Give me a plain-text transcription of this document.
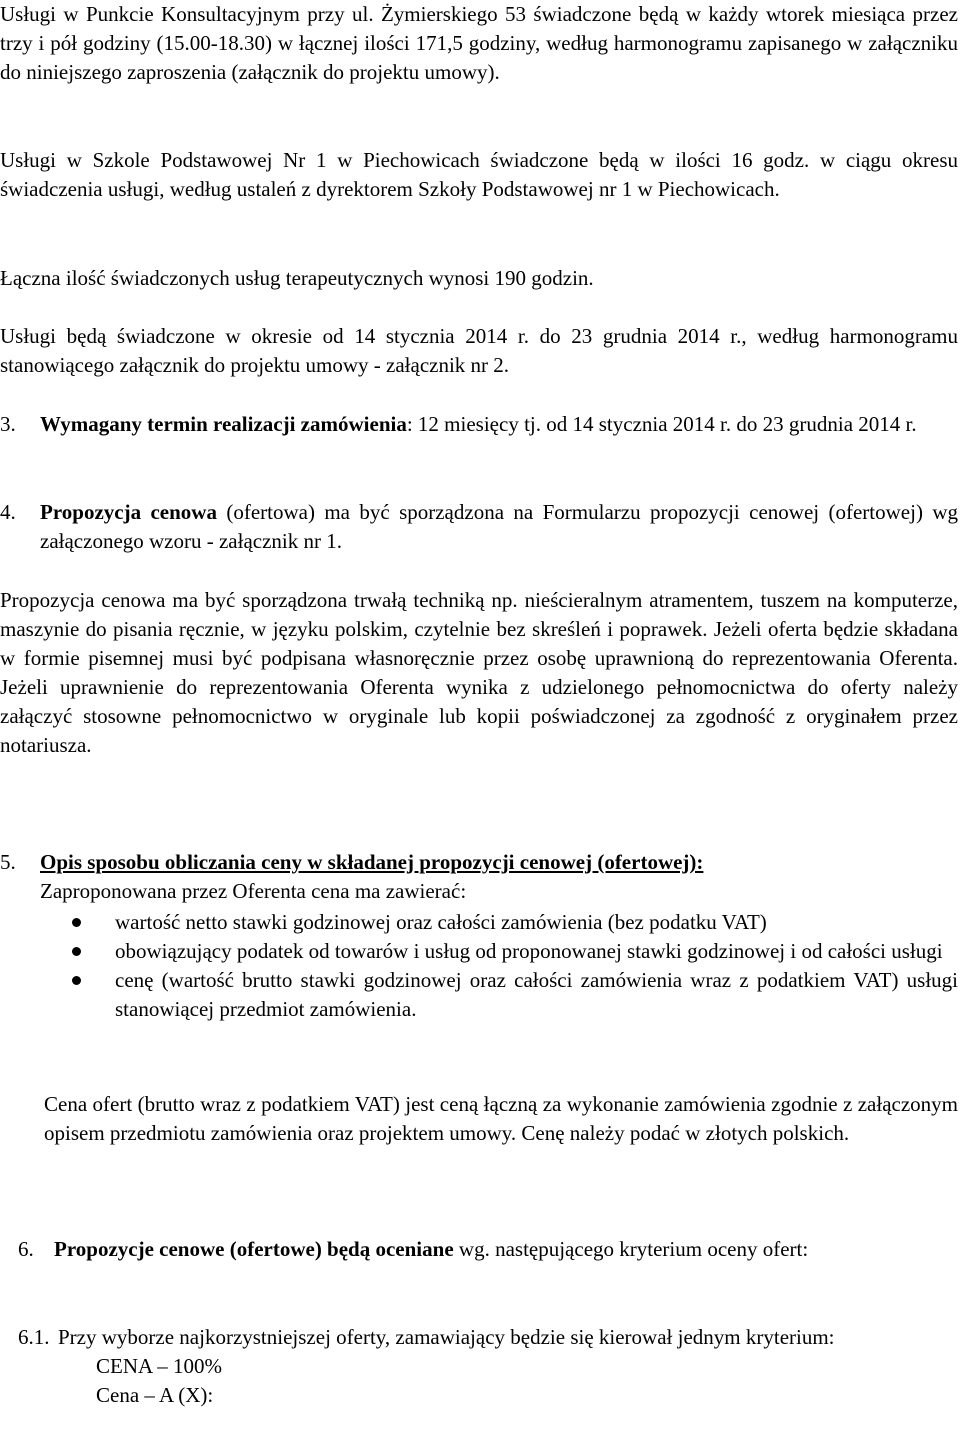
Usługi w Punkcie Konsultacyjnym przy ul. Żymierskiego 53 świadczone będą w każdy wtorek miesiąca przez trzy i pół godziny (15.00-18.30) w łącznej ilości 171,5 godziny, według harmonogramu zapisanego w załączniku do niniejszego zaproszenia (załącznik do projektu umowy).

Usługi w Szkole Podstawowej Nr 1 w Piechowicach świadczone będą w ilości 16 godz. w ciągu okresu świadczenia usługi, według ustaleń z dyrektorem Szkoły Podstawowej nr 1 w Piechowicach.

Łączna ilość świadczonych usług terapeutycznych wynosi 190 godzin.

Usługi będą świadczone w okresie od 14 stycznia 2014 r. do 23 grudnia 2014 r., według harmonogramu stanowiącego załącznik do projektu umowy - załącznik nr 2.

3. Wymagany termin realizacji zamówienia: 12 miesięcy tj. od 14 stycznia 2014 r. do 23 grudnia 2014 r.

4. Propozycja cenowa (ofertowa) ma być sporządzona na Formularzu propozycji cenowej (ofertowej) wg załączonego wzoru - załącznik nr 1.

Propozycja cenowa ma być sporządzona trwałą techniką np. nieścieralnym atramentem, tuszem na komputerze, maszynie do pisania ręcznie, w języku polskim, czytelnie bez skreśleń i poprawek. Jeżeli oferta będzie składana w formie pisemnej musi być podpisana własnoręcznie przez osobę uprawnioną do reprezentowania Oferenta. Jeżeli uprawnienie do reprezentowania Oferenta wynika z udzielonego pełnomocnictwa do oferty należy załączyć stosowne pełnomocnictwo w oryginale lub kopii poświadczonej za zgodność z oryginałem przez notariusza.

5. Opis sposobu obliczania ceny w składanej propozycji cenowej (ofertowej):

Zaproponowana przez Oferenta cena ma zawierać:

wartość netto stawki godzinowej oraz całości zamówienia (bez podatku VAT)
obowiązujący podatek od towarów i usług od proponowanej stawki godzinowej i od całości usługi
cenę (wartość brutto stawki godzinowej oraz całości zamówienia wraz z podatkiem VAT) usługi stanowiącej przedmiot zamówienia.

Cena ofert (brutto wraz z podatkiem VAT) jest ceną łączną za wykonanie zamówienia zgodnie z załączonym opisem przedmiotu zamówienia oraz projektem umowy. Cenę należy podać w złotych polskich.

6. Propozycje cenowe (ofertowe) będą oceniane wg. następującego kryterium oceny ofert:

6.1. Przy wyborze najkorzystniejszej oferty, zamawiający będzie się kierował jednym kryterium:

CENA – 100%

Cena – A (X):
